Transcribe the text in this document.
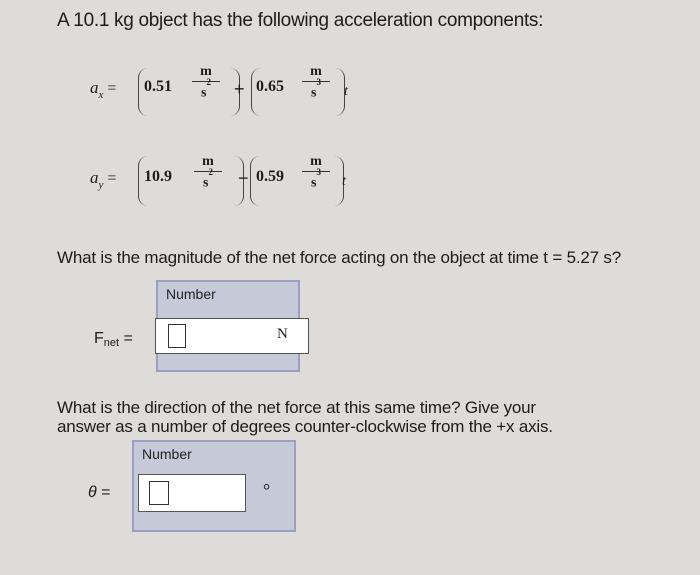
A 10.1 kg object has the following acceleration components:
$a_x = 0.51$
m
$s^2$	+ 0.65
m
$s^3$
t
$a_y = 10.9$
m
$s^2$	− 0.59
m
$s^3$
t
What is the magnitude of the net force acting on the object at time t = 5.27 s?
Number
Fnet =	N
What is the direction of the net force at this same time? Give your
answer as a number of degrees counter-clockwise from the +x axis.
Number
θ =	°
